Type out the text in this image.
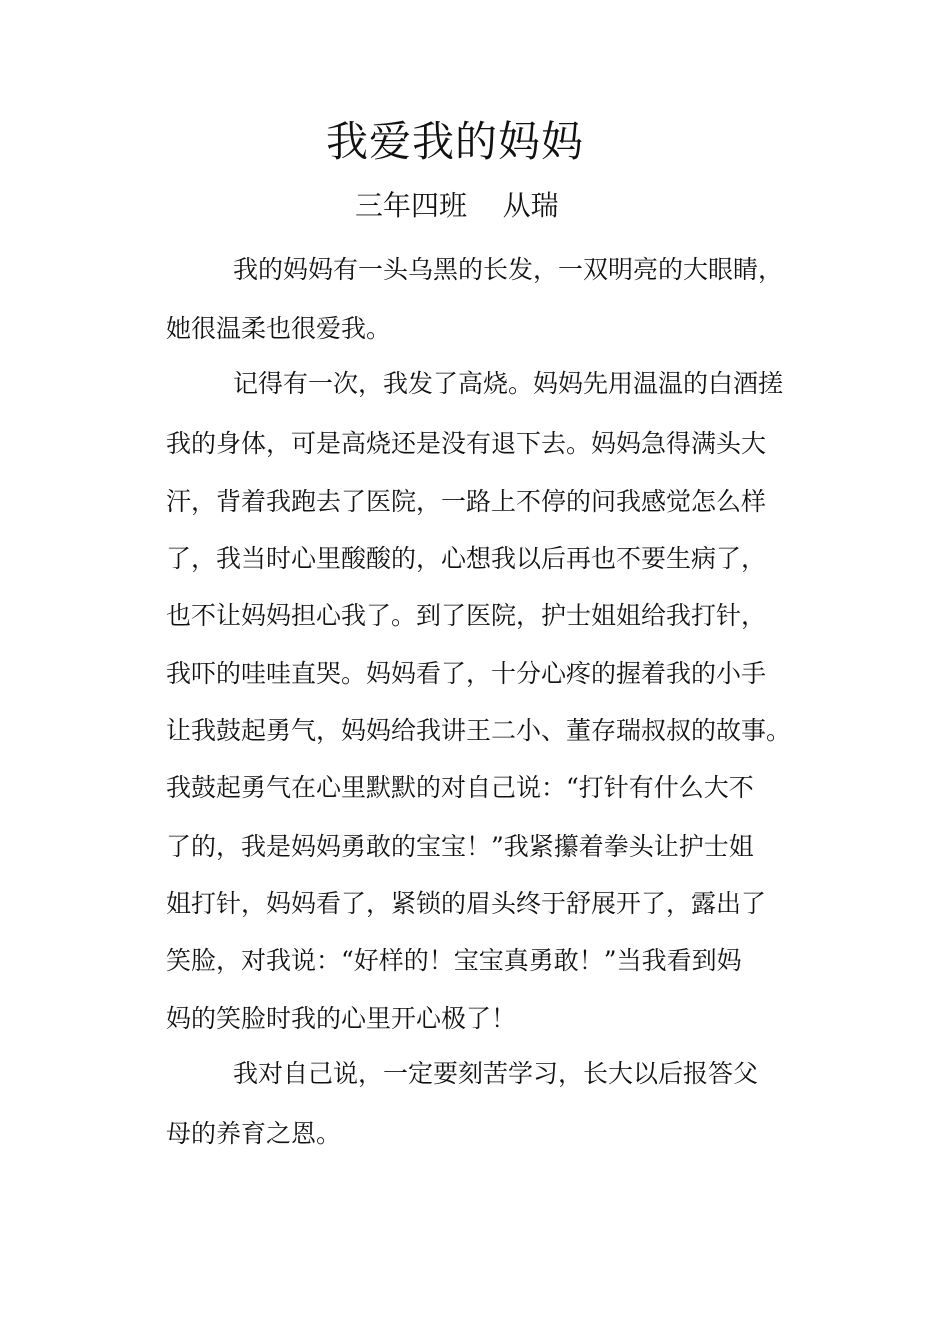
我爱我的妈妈
三年四班    从瑞
我的妈妈有一头乌黑的长发，一双明亮的大眼睛，
她很温柔也很爱我。
记得有一次，我发了高烧。妈妈先用温温的白酒搓
我的身体，可是高烧还是没有退下去。妈妈急得满头大
汗，背着我跑去了医院，一路上不停的问我感觉怎么样
了，我当时心里酸酸的，心想我以后再也不要生病了，
也不让妈妈担心我了。到了医院，护士姐姐给我打针，
我吓的哇哇直哭。妈妈看了，十分心疼的握着我的小手
让我鼓起勇气，妈妈给我讲王二小、董存瑞叔叔的故事。
我鼓起勇气在心里默默的对自己说：“打针有什么大不
了的，我是妈妈勇敢的宝宝！”我紧攥着拳头让护士姐
姐打针，妈妈看了，紧锁的眉头终于舒展开了，露出了
笑脸，对我说：“好样的！宝宝真勇敢！”当我看到妈
妈的笑脸时我的心里开心极了！
我对自己说，一定要刻苦学习，长大以后报答父
母的养育之恩。
